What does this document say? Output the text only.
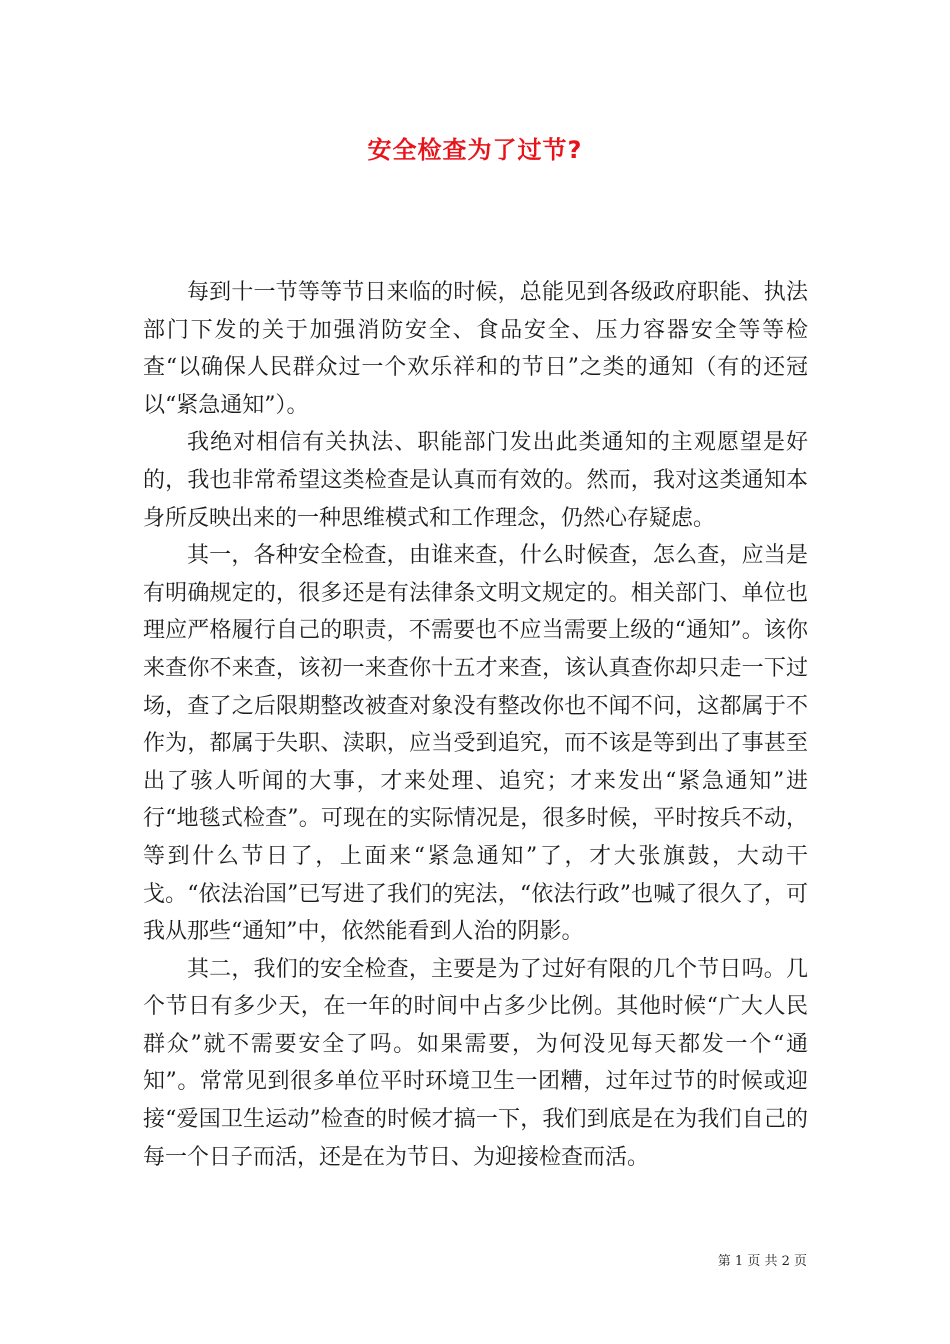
安全检查为了过节?

每到十一节等等节日来临的时候，总能见到各级政府职能、执法部门下发的关于加强消防安全、食品安全、压力容器安全等等检查“以确保人民群众过一个欢乐祥和的节日”之类的通知（有的还冠以“紧急通知”）。

我绝对相信有关执法、职能部门发出此类通知的主观愿望是好的，我也非常希望这类检查是认真而有效的。然而，我对这类通知本身所反映出来的一种思维模式和工作理念，仍然心存疑虑。

其一，各种安全检查，由谁来查，什么时候查，怎么查，应当是有明确规定的，很多还是有法律条文明文规定的。相关部门、单位也理应严格履行自己的职责，不需要也不应当需要上级的“通知”。该你来查你不来查，该初一来查你十五才来查，该认真查你却只走一下过场，查了之后限期整改被查对象没有整改你也不闻不问，这都属于不作为，都属于失职、渎职，应当受到追究，而不该是等到出了事甚至出了骇人听闻的大事，才来处理、追究；才来发出“紧急通知”进行“地毯式检查”。可现在的实际情况是，很多时候，平时按兵不动，等到什么节日了，上面来“紧急通知”了，才大张旗鼓，大动干戈。“依法治国”已写进了我们的宪法，“依法行政”也喊了很久了，可我从那些“通知”中，依然能看到人治的阴影。

其二，我们的安全检查，主要是为了过好有限的几个节日吗。几个节日有多少天，在一年的时间中占多少比例。其他时候“广大人民群众”就不需要安全了吗。如果需要，为何没见每天都发一个“通知”。常常见到很多单位平时环境卫生一团糟，过年过节的时候或迎接“爱国卫生运动”检查的时候才搞一下，我们到底是在为我们自己的每一个日子而活，还是在为节日、为迎接检查而活。

第 1 页 共 2 页
